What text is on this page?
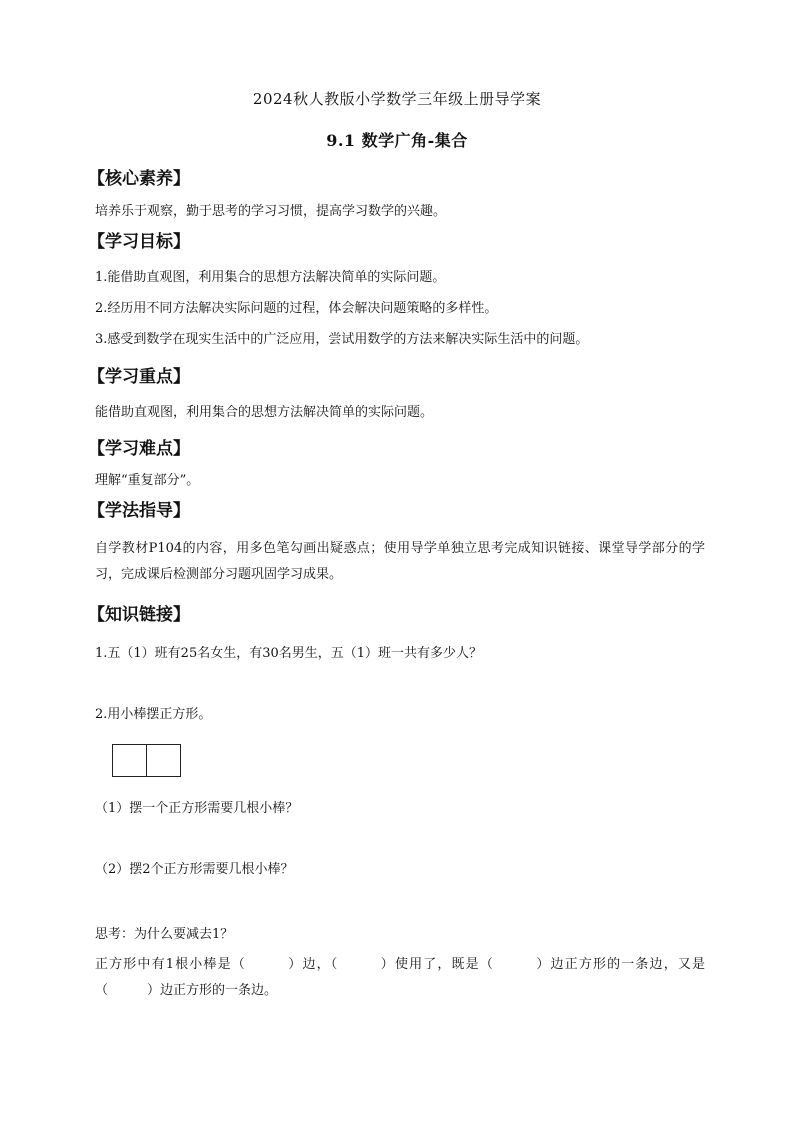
2024秋人教版小学数学三年级上册导学案
9.1 数学广角-集合
【核心素养】
培养乐于观察，勤于思考的学习习惯，提高学习数学的兴趣。
【学习目标】
1.能借助直观图，利用集合的思想方法解决简单的实际问题。
2.经历用不同方法解决实际问题的过程，体会解决问题策略的多样性。
3.感受到数学在现实生活中的广泛应用，尝试用数学的方法来解决实际生活中的问题。
【学习重点】
能借助直观图，利用集合的思想方法解决简单的实际问题。
【学习难点】
理解“重复部分”。
【学法指导】
自学教材P104的内容，用多色笔勾画出疑惑点；使用导学单独立思考完成知识链接、课堂导学部分的学习，完成课后检测部分习题巩固学习成果。
【知识链接】
1.五（1）班有25名女生，有30名男生，五（1）班一共有多少人？
2.用小棒摆正方形。
（1）摆一个正方形需要几根小棒？
（2）摆2个正方形需要几根小棒？
思考：为什么要减去1？
正方形中有1根小棒是（　　　）边，（　　　）使用了，既是（　　　）边正方形的一条边，又是（　　　）边正方形的一条边。
